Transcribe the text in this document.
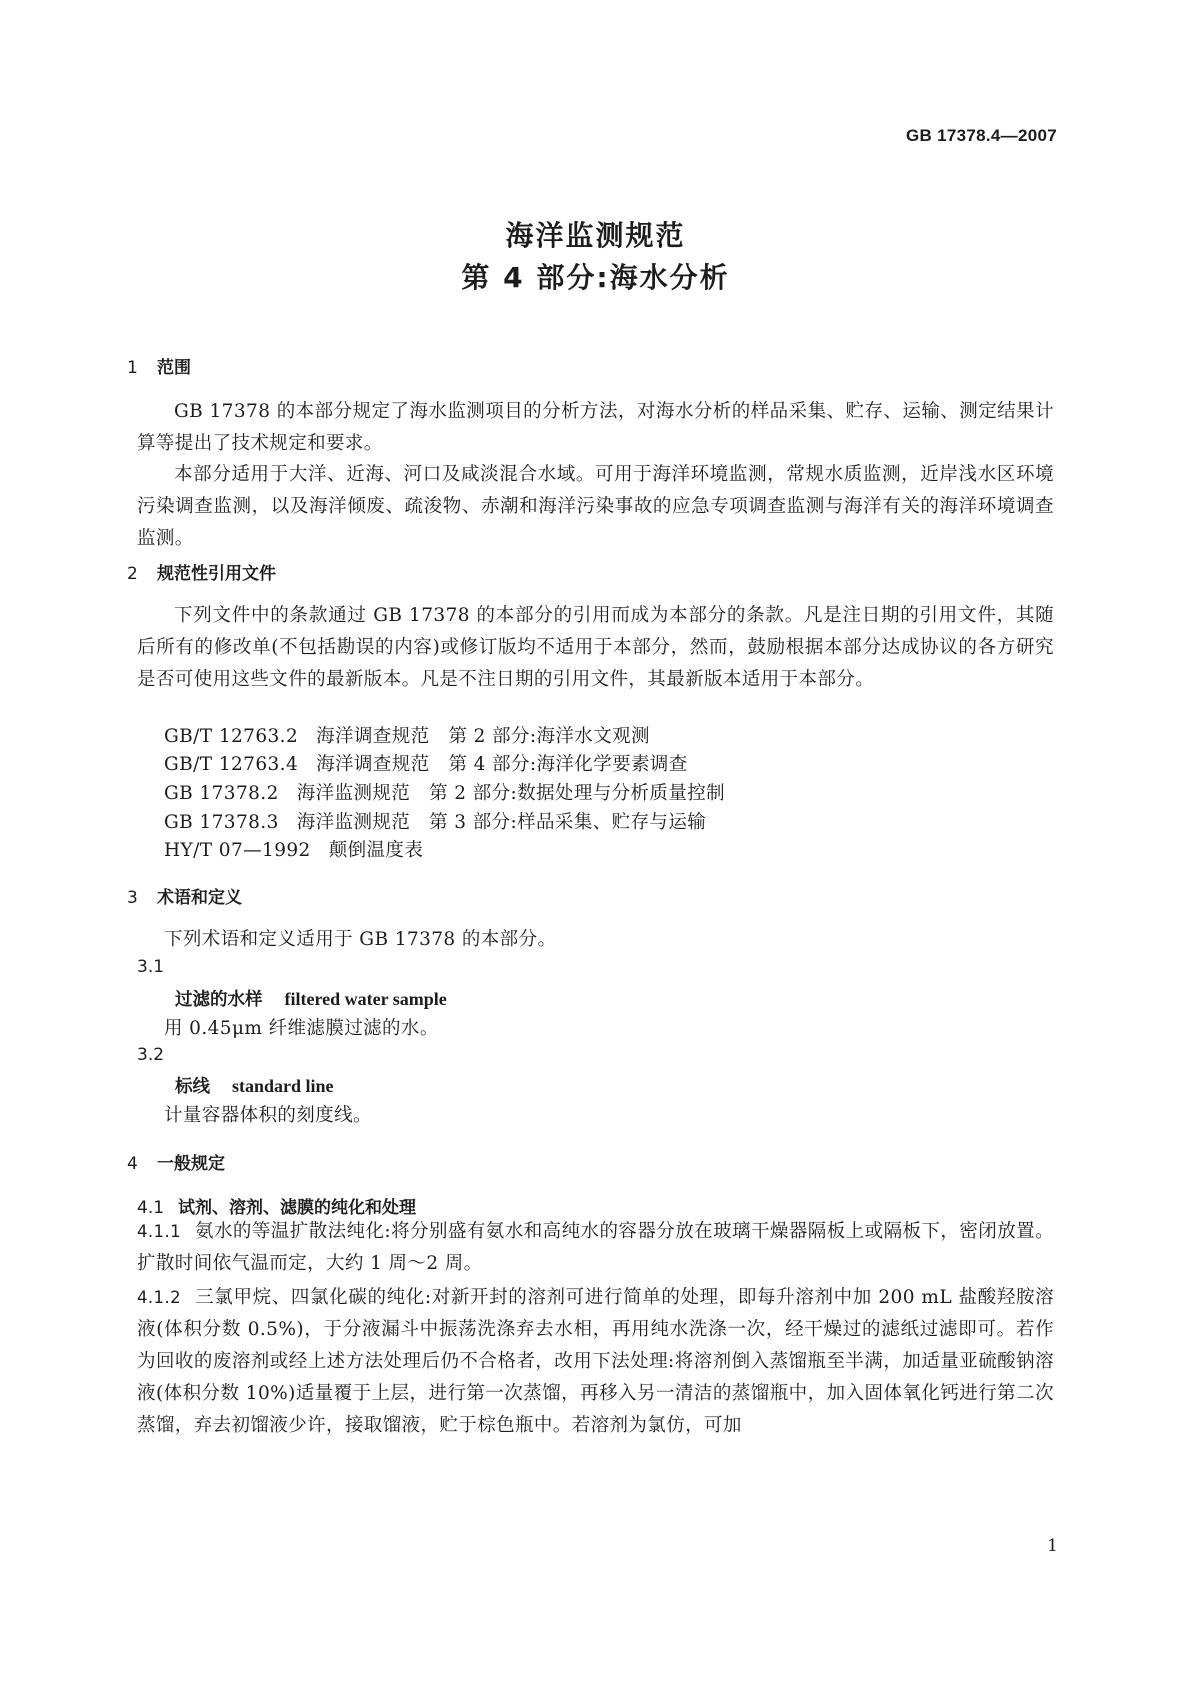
GB 17378.4—2007
海洋监测规范
第 4 部分:海水分析
1 范围
GB 17378 的本部分规定了海水监测项目的分析方法，对海水分析的样品采集、贮存、运输、测定结果计算等提出了技术规定和要求。
本部分适用于大洋、近海、河口及咸淡混合水域。可用于海洋环境监测，常规水质监测，近岸浅水区环境污染调查监测，以及海洋倾废、疏浚物、赤潮和海洋污染事故的应急专项调查监测与海洋有关的海洋环境调查监测。
2 规范性引用文件
下列文件中的条款通过 GB 17378 的本部分的引用而成为本部分的条款。凡是注日期的引用文件，其随后所有的修改单(不包括勘误的内容)或修订版均不适用于本部分，然而，鼓励根据本部分达成协议的各方研究是否可使用这些文件的最新版本。凡是不注日期的引用文件，其最新版本适用于本部分。
GB/T 12763.2 海洋调查规范　第 2 部分:海洋水文观测
GB/T 12763.4 海洋调查规范　第 4 部分:海洋化学要素调查
GB 17378.2 海洋监测规范　第 2 部分:数据处理与分析质量控制
GB 17378.3 海洋监测规范　第 3 部分:样品采集、贮存与运输
HY/T 07—1992 颠倒温度表
3 术语和定义
下列术语和定义适用于 GB 17378 的本部分。
3.1
过滤的水样 filtered water sample
用 0.45μm 纤维滤膜过滤的水。
3.2
标线 standard line
计量容器体积的刻度线。
4 一般规定
4.1 试剂、溶剂、滤膜的纯化和处理
4.1.1 氨水的等温扩散法纯化:将分别盛有氨水和高纯水的容器分放在玻璃干燥器隔板上或隔板下，密闭放置。扩散时间依气温而定，大约 1 周～2 周。
4.1.2 三氯甲烷、四氯化碳的纯化:对新开封的溶剂可进行简单的处理，即每升溶剂中加 200 mL 盐酸羟胺溶液(体积分数 0.5%)，于分液漏斗中振荡洗涤弃去水相，再用纯水洗涤一次，经干燥过的滤纸过滤即可。若作为回收的废溶剂或经上述方法处理后仍不合格者，改用下法处理:将溶剂倒入蒸馏瓶至半满，加适量亚硫酸钠溶液(体积分数 10%)适量覆于上层，进行第一次蒸馏，再移入另一清洁的蒸馏瓶中，加入固体氧化钙进行第二次蒸馏，弃去初馏液少许，接取馏液，贮于棕色瓶中。若溶剂为氯仿，可加
1
